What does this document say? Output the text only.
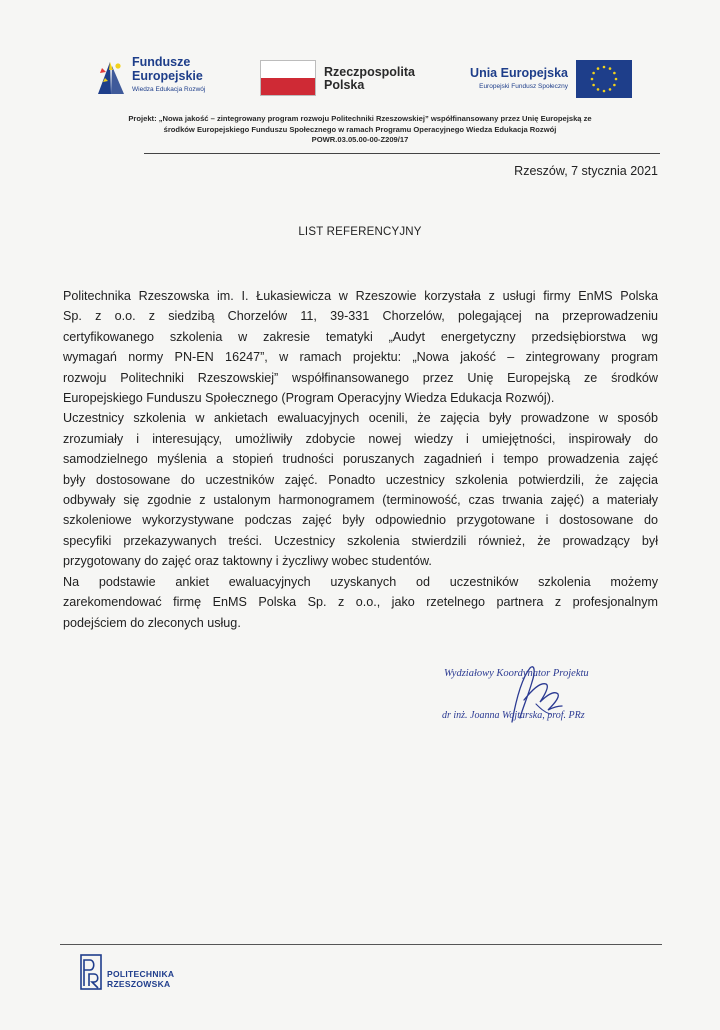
Fundusze
Europejskie
Wiedza Edukacja Rozwój
Rzeczpospolita
Polska
Unia Europejska
Europejski Fundusz Społeczny
Projekt: „Nowa jakość – zintegrowany program rozwoju Politechniki Rzeszowskiej” współfinansowany przez Unię Europejską ze
środków Europejskiego Funduszu Społecznego w ramach Programu Operacyjnego Wiedza Edukacja Rozwój
POWR.03.05.00-00-Z209/17
Rzeszów, 7 stycznia 2021
LIST REFERENCYJNY

Politechnika Rzeszowska im. I. Łukasiewicza w Rzeszowie korzystała z usługi firmy EnMS Polska
Sp. z o.o. z siedzibą Chorzelów 11, 39-331 Chorzelów, polegającej na przeprowadzeniu
certyfikowanego szkolenia w zakresie tematyki „Audyt energetyczny przedsiębiorstwa wg
wymagań normy PN-EN 16247”, w ramach projektu: „Nowa jakość – zintegrowany program
rozwoju Politechniki Rzeszowskiej” współfinansowanego przez Unię Europejską ze środków
Europejskiego Funduszu Społecznego (Program Operacyjny Wiedza Edukacja Rozwój).

Uczestnicy szkolenia w ankietach ewaluacyjnych ocenili, że zajęcia były prowadzone w sposób
zrozumiały i interesujący, umożliwiły zdobycie nowej wiedzy i umiejętności, inspirowały do
samodzielnego myślenia a stopień trudności poruszanych zagadnień i tempo prowadzenia zajęć
były dostosowane do uczestników zajęć. Ponadto uczestnicy szkolenia potwierdzili, że zajęcia
odbywały się zgodnie z ustalonym harmonogramem (terminowość, czas trwania zajęć) a materiały
szkoleniowe wykorzystywane podczas zajęć były odpowiednio przygotowane i dostosowane do
specyfiki przekazywanych treści. Uczestnicy szkolenia stwierdzili również, że prowadzący był
przygotowany do zajęć oraz taktowny i życzliwy wobec studentów.

Na podstawie ankiet ewaluacyjnych uzyskanych od uczestników szkolenia możemy
zarekomendować firmę EnMS Polska Sp. z o.o., jako rzetelnego partnera z profesjonalnym
podejściem do zleconych usług.

Wydziałowy Koordynator Projektu
dr inż. Joanna Wojtarska, prof. PRz
POLITECHNIKA
RZESZOWSKA
